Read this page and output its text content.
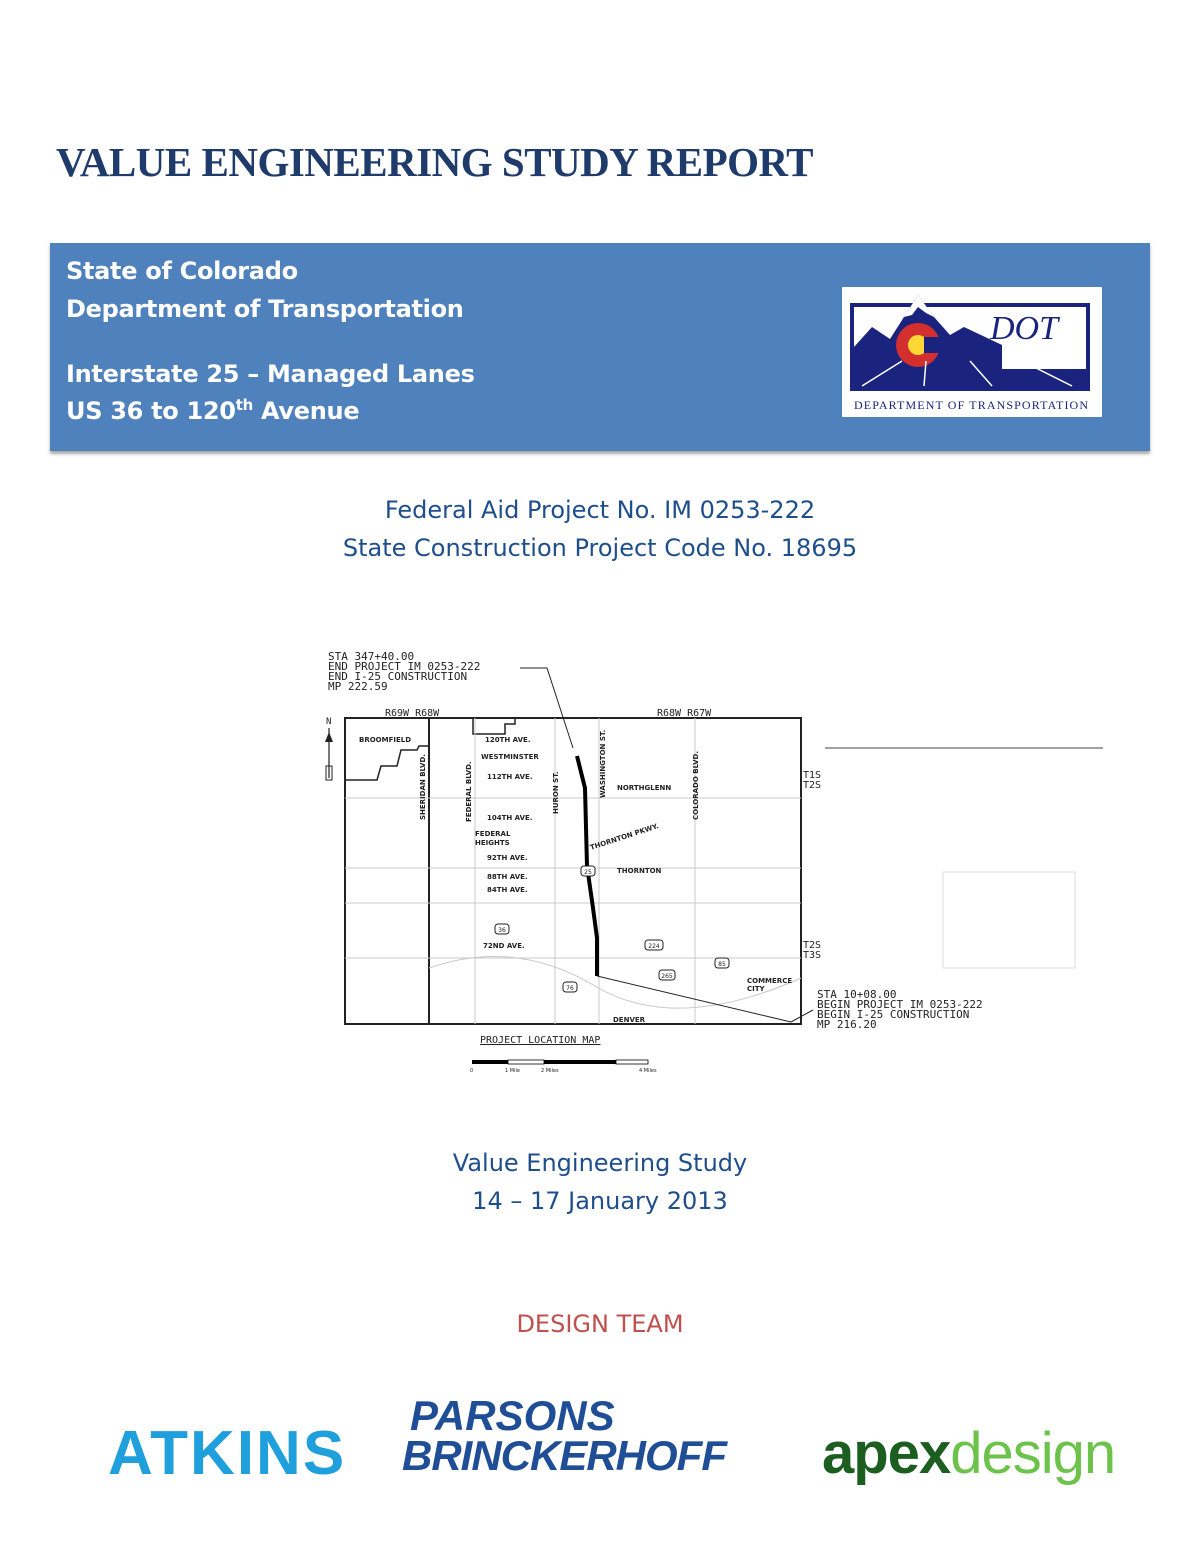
VALUE ENGINEERING STUDY REPORT
State of Colorado
Department of Transportation
Interstate 25 – Managed Lanes
US 36 to 120th Avenue
DOT
DEPARTMENT OF TRANSPORTATION
Federal Aid Project No. IM 0253-222
State Construction Project Code No. 18695
STA 347+40.00
END PROJECT IM 0253-222
END I-25 CONSTRUCTION
MP 222.59
R69W R68W	R68W R67W
N
BROOMFIELD	120TH AVE.
WESTMINSTER
112TH AVE.
NORTHGLENN
104TH AVE.
FEDERAL
HEIGHTS
92TH AVE.
88TH AVE.
84TH AVE.
THORNTON
72ND AVE.
COMMERCE
CITY
DENVER
SHERIDAN BLVD.	FEDERAL BLVD.	HURON ST.	WASHINGTON ST.	COLORADO BLVD.
THORNTON PKWY.
36
25
224
265
85
76
T1S
T2S
T2S
T3S
STA 10+08.00
BEGIN PROJECT IM 0253-222
BEGIN I-25 CONSTRUCTION
MP 216.20
PROJECT LOCATION MAP
0	1 Mile	2 Miles	4 Miles
Value Engineering Study
14 – 17 January 2013
DESIGN TEAM
ATKINS
PARSONS
BRINCKERHOFF apexdesign
